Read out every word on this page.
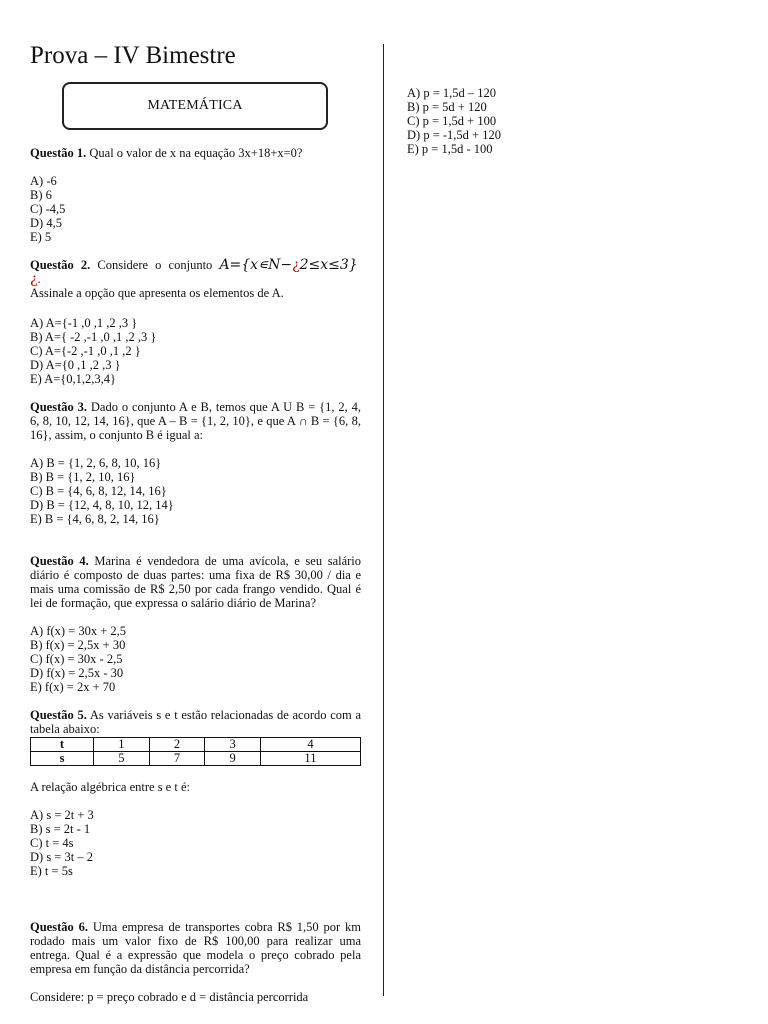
Prova – IV Bimestre
MATEMÁTICA

Questão 1. Qual o valor de x na equação 3x+18+x=0?

A) -6
B) 6
C) -4,5
D) 4,5
E) 5

Questão 2. Considere o conjunto A={x∊N−¿2≤x≤3}¿.

Assinale a opção que apresenta os elementos de A.

A) A={-1 ,0 ,1 ,2 ,3 }
B) A={ -2 ,-1 ,0 ,1 ,2 ,3 }
C) A={-2 ,-1 ,0 ,1 ,2 }
D) A={0 ,1 ,2 ,3 }
E) A={0,1,2,3,4}

Questão 3. Dado o conjunto A e B, temos que A U B = {1, 2, 4, 6, 8, 10, 12, 14, 16}, que A – B = {1, 2, 10}, e que A ∩ B = {6, 8, 16}, assim, o conjunto B é igual a:

A) B = {1, 2, 6, 8, 10, 16}
B) B = {1, 2, 10, 16}
C) B = {4, 6, 8, 12, 14, 16}
D) B = {12, 4, 8, 10, 12, 14}
E) B = {4, 6, 8, 2, 14, 16}

Questão 4. Marina é vendedora de uma avícola, e seu salário diário é composto de duas partes: uma fixa de R$ 30,00 / dia e mais uma comissão de R$ 2,50 por cada frango vendido. Qual é lei de formação, que expressa o salário diário de Marina?

A) f(x) = 30x + 2,5
B) f(x) = 2,5x + 30
C) f(x) = 30x - 2,5
D) f(x) = 2,5x - 30
E) f(x) = 2x + 70

Questão 5. As variáveis s e t estão relacionadas de acordo com a tabela abaixo:

t	1	2	3	4
s	5	7	9	11

A relação algébrica entre s e t é:

A) s = 2t + 3
B) s = 2t - 1
C) t = 4s
D) s = 3t – 2
E) t = 5s

Questão 6. Uma empresa de transportes cobra R$ 1,50 por km rodado mais um valor fixo de R$ 100,00 para realizar uma entrega. Qual é a expressão que modela o preço cobrado pela empresa em função da distância percorrida?

Considere: p = preço cobrado e d = distância percorrida

A) p = 1,5d – 120
B) p = 5d + 120
C) p = 1,5d + 100
D) p = -1,5d + 120
E) p = 1,5d - 100
